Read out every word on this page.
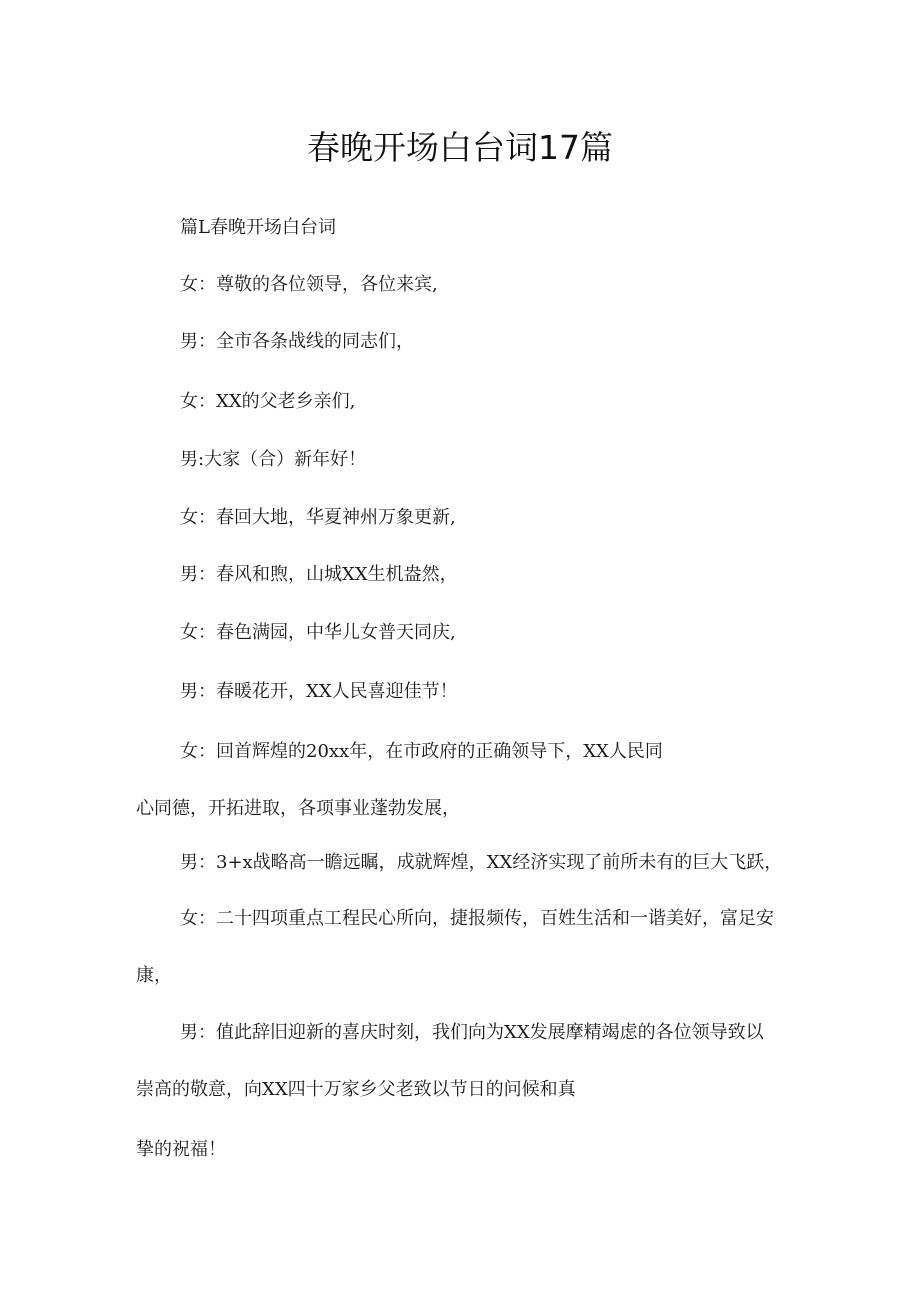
春晚开场白台词17篇

篇L春晚开场白台词

女：尊敬的各位领导，各位来宾,

男：全市各条战线的同志们，

女：XX的父老乡亲们,

男:大家（合）新年好！

女：春回大地，华夏神州万象更新,

男：春风和煦，山城XX生机盎然，

女：春色满园，中华儿女普天同庆,

男：春暖花开，XX人民喜迎佳节！

女：回首辉煌的20xx年，在市政府的正确领导下，XX人民同

心同德，开拓进取，各项事业蓬勃发展，

男：3+x战略高一瞻远瞩，成就辉煌，XX经济实现了前所未有的巨大飞跃，

女：二十四项重点工程民心所向，捷报频传，百姓生活和一谐美好，富足安

康，

男：值此辞旧迎新的喜庆时刻，我们向为XX发展摩精竭虑的各位领导致以

崇高的敬意，向XX四十万家乡父老致以节日的问候和真

挚的祝福！
